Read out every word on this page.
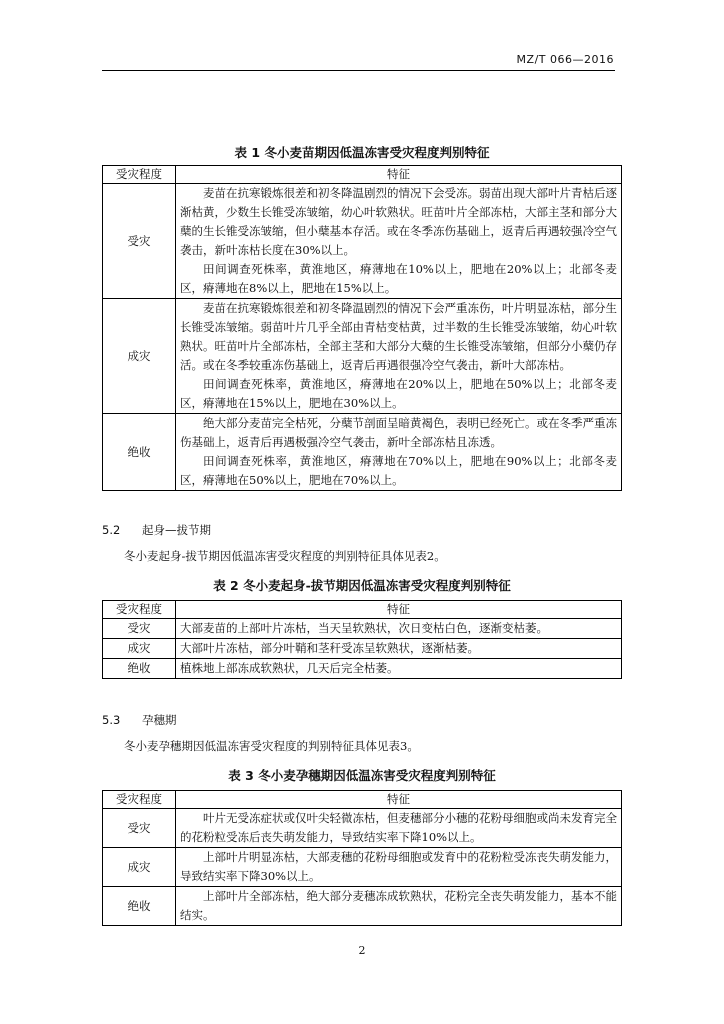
MZ/T 066—2016
表 1 冬小麦苗期因低温冻害受灾程度判别特征
受灾程度	特征
受灾	麦苗在抗寒锻炼很差和初冬降温剧烈的情况下会受冻。弱苗出现大部叶片青枯后逐渐枯黄，少数生长锥受冻皱缩，幼心叶软熟状。旺苗叶片全部冻枯，大部主茎和部分大蘖的生长锥受冻皱缩，但小蘖基本存活。或在冬季冻伤基础上，返青后再遇较强冷空气袭击，新叶冻枯长度在30%以上。

田间调查死株率，黄淮地区，瘠薄地在10%以上，肥地在20%以上；北部冬麦区，瘠薄地在8%以上，肥地在15%以上。

成灾	麦苗在抗寒锻炼很差和初冬降温剧烈的情况下会严重冻伤，叶片明显冻枯，部分生长锥受冻皱缩。弱苗叶片几乎全部由青枯变枯黄，过半数的生长锥受冻皱缩，幼心叶软熟状。旺苗叶片全部冻枯，全部主茎和大部分大蘖的生长锥受冻皱缩，但部分小蘖仍存活。或在冬季较重冻伤基础上，返青后再遇很强冷空气袭击，新叶大部冻枯。

田间调查死株率，黄淮地区，瘠薄地在20%以上，肥地在50%以上；北部冬麦区，瘠薄地在15%以上，肥地在30%以上。

绝收	绝大部分麦苗完全枯死，分蘖节剖面呈暗黄褐色，表明已经死亡。或在冬季严重冻伤基础上，返青后再遇极强冷空气袭击，新叶全部冻枯且冻透。

田间调查死株率，黄淮地区，瘠薄地在70%以上，肥地在90%以上；北部冬麦区，瘠薄地在50%以上，肥地在70%以上。

5.2 起身—拔节期
冬小麦起身-拔节期因低温冻害受灾程度的判别特征具体见表2。
表 2 冬小麦起身-拔节期因低温冻害受灾程度判别特征
受灾程度	特征
受灾	大部麦苗的上部叶片冻枯，当天呈软熟状，次日变枯白色，逐渐变枯萎。
成灾	大部叶片冻枯，部分叶鞘和茎秆受冻呈软熟状，逐渐枯萎。
绝收	植株地上部冻成软熟状，几天后完全枯萎。
5.3 孕穗期
冬小麦孕穗期因低温冻害受灾程度的判别特征具体见表3。
表 3 冬小麦孕穗期因低温冻害受灾程度判别特征
受灾程度	特征
受灾	叶片无受冻症状或仅叶尖轻微冻枯，但麦穗部分小穗的花粉母细胞或尚未发育完全的花粉粒受冻后丧失萌发能力，导致结实率下降10%以上。

成灾	上部叶片明显冻枯，大部麦穗的花粉母细胞或发育中的花粉粒受冻丧失萌发能力，导致结实率下降30%以上。

绝收	上部叶片全部冻枯，绝大部分麦穗冻成软熟状，花粉完全丧失萌发能力，基本不能结实。

2
